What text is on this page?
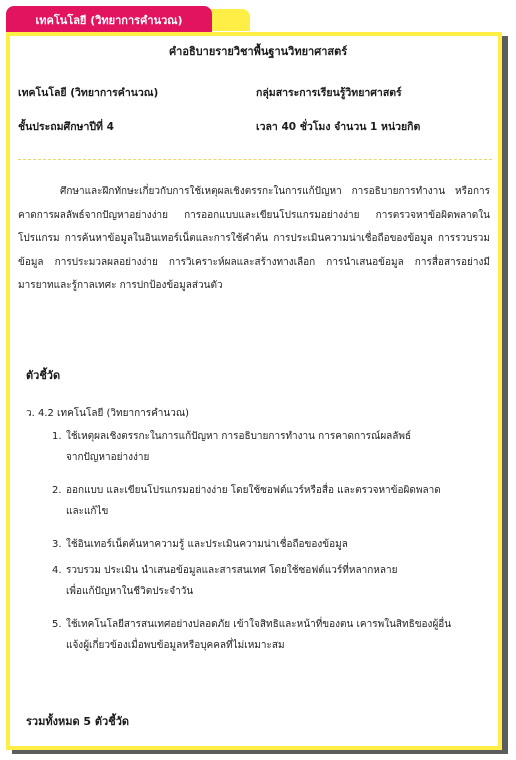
เทคโนโลยี (วิทยาการคำนวณ)
คำอธิบายรายวิชาพื้นฐานวิทยาศาสตร์
เทคโนโลยี (วิทยาการคำนวณ)	กลุ่มสาระการเรียนรู้วิทยาศาสตร์
ชั้นประถมศึกษาปีที่ 4	เวลา 40 ชั่วโมง จำนวน 1 หน่วยกิต
ศึกษาและฝึกทักษะเกี่ยวกับการใช้เหตุผลเชิงตรรกะในการแก้ปัญหา การอธิบายการทำงาน หรือการคาดการผลลัพธ์จากปัญหาอย่างง่าย การออกแบบและเขียนโปรแกรมอย่างง่าย การตรวจหาข้อผิดพลาดในโปรแกรม การค้นหาข้อมูลในอินเทอร์เน็ตและการใช้คำค้น การประเมินความน่าเชื่อถือของข้อมูล การรวบรวมข้อมูล การประมวลผลอย่างง่าย การวิเคราะห์ผลและสร้างทางเลือก การนำเสนอข้อมูล การสื่อสารอย่างมีมารยาทและรู้กาลเทศะ การปกป้องข้อมูลส่วนตัว
ตัวชี้วัด
ว. 4.2 เทคโนโลยี (วิทยาการคำนวณ)
1. ใช้เหตุผลเชิงตรรกะในการแก้ปัญหา การอธิบายการทำงาน การคาดการณ์ผลลัพธ์
จากปัญหาอย่างง่าย
2. ออกแบบ และเขียนโปรแกรมอย่างง่าย โดยใช้ซอฟต์แวร์หรือสื่อ และตรวจหาข้อผิดพลาด
และแก้ไข
3. ใช้อินเทอร์เน็ตค้นหาความรู้ และประเมินความน่าเชื่อถือของข้อมูล
4. รวบรวม ประเมิน นำเสนอข้อมูลและสารสนเทศ โดยใช้ซอฟต์แวร์ที่หลากหลาย
เพื่อแก้ปัญหาในชีวิตประจำวัน
5. ใช้เทคโนโลยีสารสนเทศอย่างปลอดภัย เข้าใจสิทธิและหน้าที่ของตน เคารพในสิทธิของผู้อื่น
แจ้งผู้เกี่ยวข้องเมื่อพบข้อมูลหรือบุคคลที่ไม่เหมาะสม
รวมทั้งหมด 5 ตัวชี้วัด
